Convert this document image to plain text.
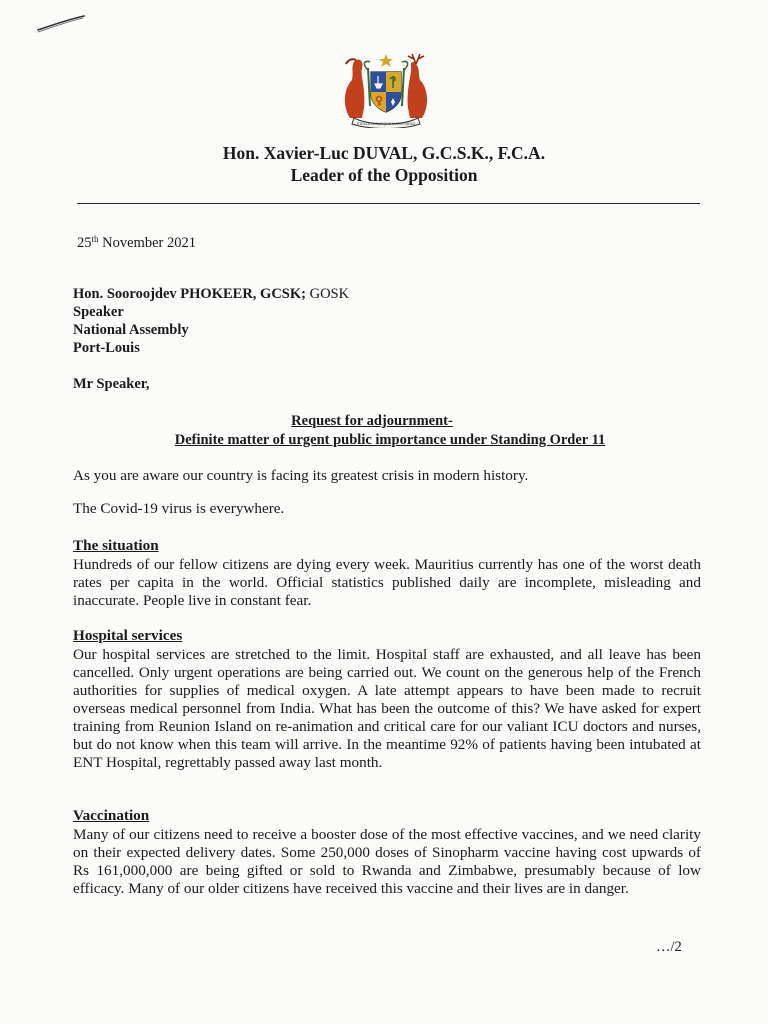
STELLA CLAVISQUE MARIS INDICI
Hon. Xavier-Luc DUVAL, G.C.S.K., F.C.A.
Leader of the Opposition
25th November 2021
Hon. Sooroojdev PHOKEER, GCSK; GOSK
Speaker
National Assembly
Port-Louis
Mr Speaker,
Request for adjournment-
Definite matter of urgent public importance under Standing Order 11
As you are aware our country is facing its greatest crisis in modern history.
The Covid-19 virus is everywhere.
The situation
Hundreds of our fellow citizens are dying every week. Mauritius currently has one of the worst death rates per capita in the world. Official statistics published daily are incomplete, misleading and inaccurate. People live in constant fear.
Hospital services
Our hospital services are stretched to the limit. Hospital staff are exhausted, and all leave has been cancelled. Only urgent operations are being carried out. We count on the generous help of the French authorities for supplies of medical oxygen. A late attempt appears to have been made to recruit overseas medical personnel from India. What has been the outcome of this? We have asked for expert training from Reunion Island on re-animation and critical care for our valiant ICU doctors and nurses, but do not know when this team will arrive. In the meantime 92% of patients having been intubated at ENT Hospital, regrettably passed away last month.
Vaccination
Many of our citizens need to receive a booster dose of the most effective vaccines, and we need clarity on their expected delivery dates. Some 250,000 doses of Sinopharm vaccine having cost upwards of Rs 161,000,000 are being gifted or sold to Rwanda and Zimbabwe, presumably because of low efficacy. Many of our older citizens have received this vaccine and their lives are in danger.
…/2
